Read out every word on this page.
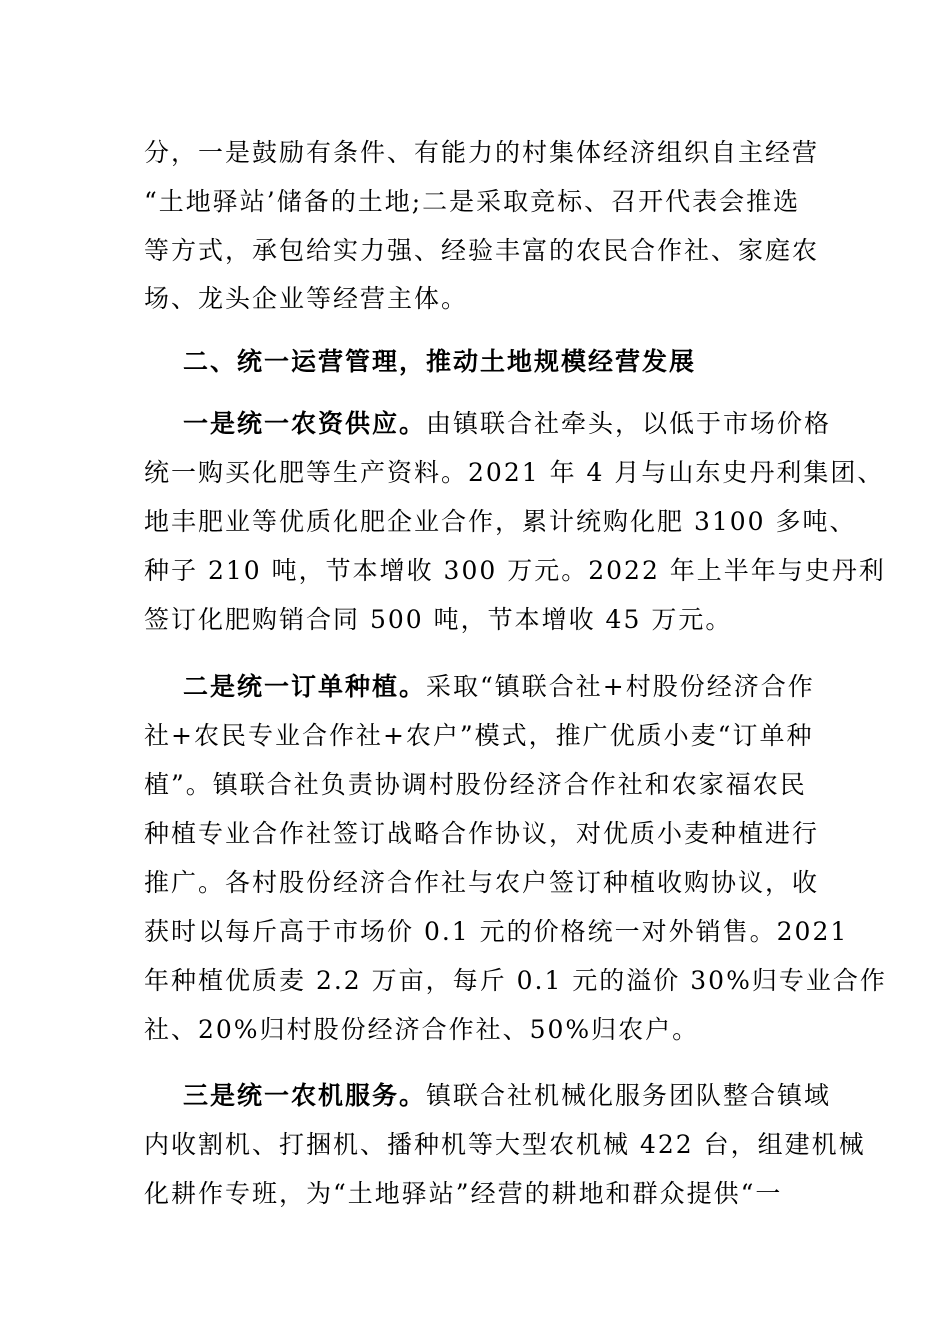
分，一是鼓励有条件、有能力的村集体经济组织自主经营
“土地驿站’储备的土地;二是采取竞标、召开代表会推选
等方式，承包给实力强、经验丰富的农民合作社、家庭农
场、龙头企业等经营主体。
二、统一运营管理，推动土地规模经营发展
一是统一农资供应。由镇联合社牵头，以低于市场价格
统一购买化肥等生产资料。2021 年 4 月与山东史丹利集团、
地丰肥业等优质化肥企业合作，累计统购化肥 3100 多吨、
种子 210 吨，节本增收 300 万元。2022 年上半年与史丹利
签订化肥购销合同 500 吨，节本增收 45 万元。
二是统一订单种植。采取“镇联合社+村股份经济合作
社+农民专业合作社+农户”模式，推广优质小麦“订单种
植”。镇联合社负责协调村股份经济合作社和农家福农民
种植专业合作社签订战略合作协议，对优质小麦种植进行
推广。各村股份经济合作社与农户签订种植收购协议，收
获时以每斤高于市场价 0.1 元的价格统一对外销售。2021
年种植优质麦 2.2 万亩，每斤 0.1 元的溢价 30%归专业合作
社、20%归村股份经济合作社、50%归农户。
三是统一农机服务。镇联合社机械化服务团队整合镇域
内收割机、打捆机、播种机等大型农机械 422 台，组建机械
化耕作专班，为“土地驿站”经营的耕地和群众提供“一
